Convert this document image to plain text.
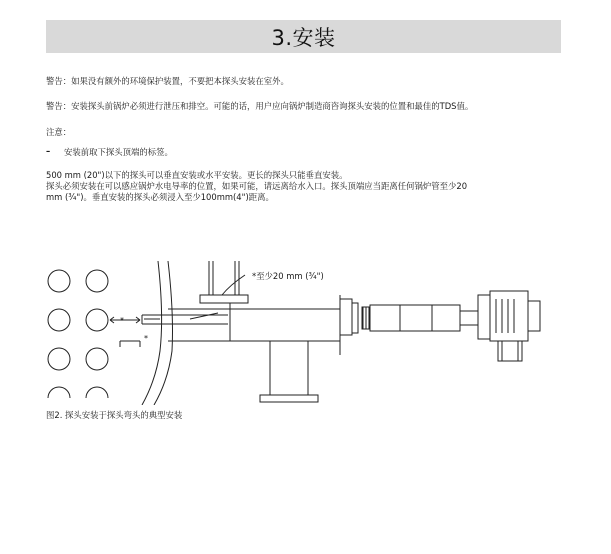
3.安装
警告：如果没有额外的环境保护装置，不要把本探头安装在室外。
警告：安装探头前锅炉必须进行泄压和排空。可能的话，用户应向锅炉制造商咨询探头安装的位置和最佳的TDS值。
注意：
–	安装前取下探头顶端的标签。
500 mm (20")以下的探头可以垂直安装或水平安装。更长的探头只能垂直安装。
探头必须安装在可以感应锅炉水电导率的位置，如果可能，请远离给水入口。探头顶端应当距离任何锅炉管至少20
mm (¾")。垂直安装的探头必须浸入至少100mm(4")距离。
*至少20 mm (¾")
*
*
图2. 探头安装于探头弯头的典型安装
